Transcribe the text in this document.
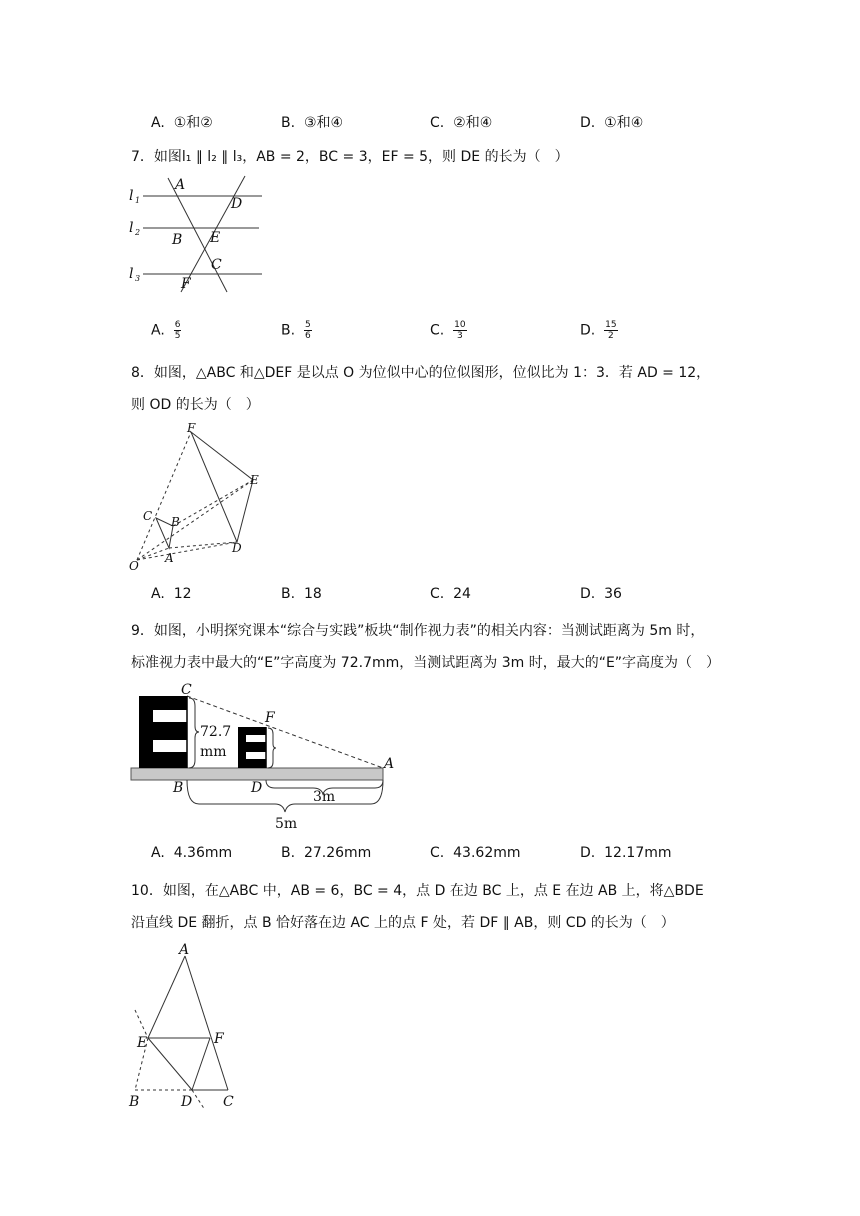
A. ①和②	B. ③和④	C. ②和④	D. ①和④
7．如图l₁ ∥ l₂ ∥ l₃，AB = 2，BC = 3，EF = 5，则 DE 的长为（　）
l 1
l 2
l 3
A
D
B E
C
F
A. $\frac{6}{5}$	B. $\frac{5}{6}$	C. $\frac{10}{3}$	D. $\frac{15}{2}$
8．如图，△ABC 和△DEF 是以点 O 为位似中心的位似图形，位似比为 1：3．若 AD = 12，
则 OD 的长为（　）
F
E
C B
A
D
O
A. 12	B. 18	C. 24	D. 36
9．如图，小明探究课本“综合与实践”板块“制作视力表”的相关内容：当测试距离为 5m 时，
标准视力表中最大的“E”字高度为 72.7mm，当测试距离为 3m 时，最大的“E”字高度为（　）
C
F
A
B	D
72.7
mm
3m
5m
A. 4.36mm	B. 27.26mm	C. 43.62mm	D. 12.17mm
10．如图，在△ABC 中，AB = 6，BC = 4，点 D 在边 BC 上，点 E 在边 AB 上，将△BDE
沿直线 DE 翻折，点 B 恰好落在边 AC 上的点 F 处，若 DF ∥ AB，则 CD 的长为（　）
A
E	F
B	D C
